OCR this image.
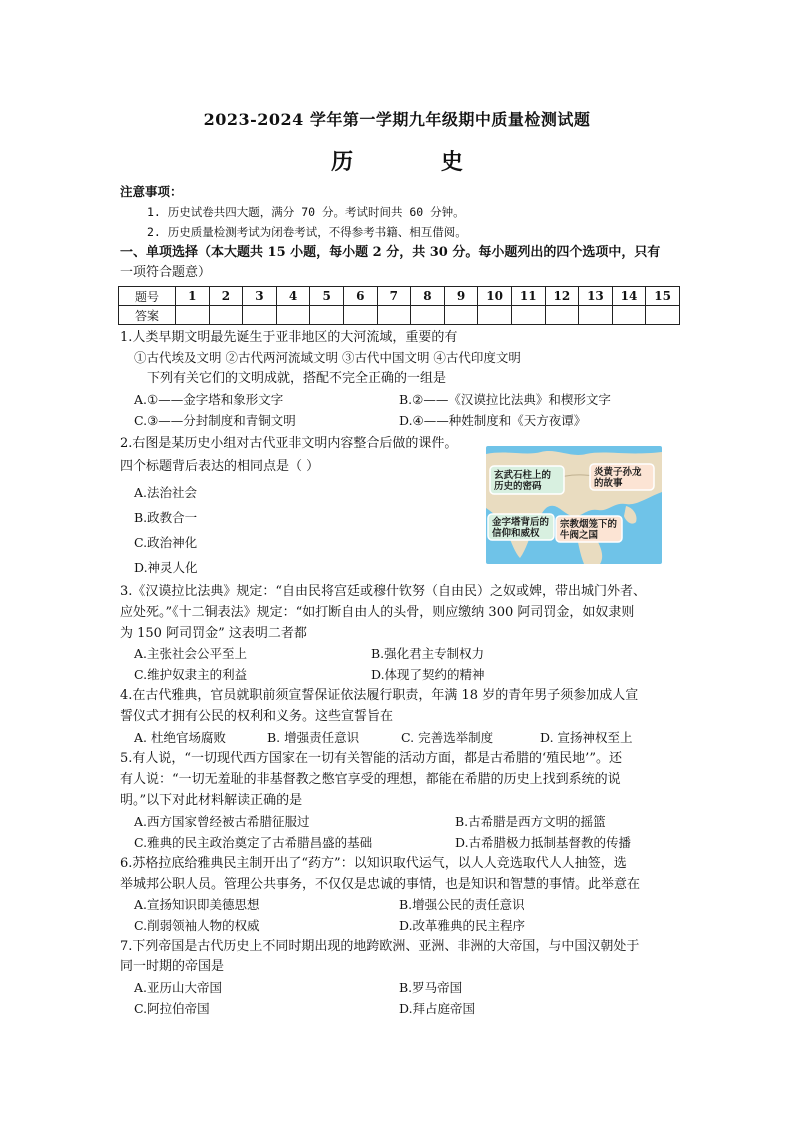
2023-2024 学年第一学期九年级期中质量检测试题
历 史
注意事项：
1. 历史试卷共四大题，满分 70 分。考试时间共 60 分钟。
2. 历史质量检测考试为闭卷考试，不得参考书籍、相互借阅。
一、单项选择（本大题共 15 小题，每小题 2 分，共 30 分。每小题列出的四个选项中，只有
一项符合题意）
题号	1	2	3	4	5	6	7	8	9	10	11	12	13	14	15
答案															
1.人类早期文明最先诞生于亚非地区的大河流域，重要的有
①古代埃及文明 ②古代两河流域文明 ③古代中国文明 ④古代印度文明
下列有关它们的文明成就，搭配不完全正确的一组是
A.①——金字塔和象形文字	B.②——《汉谟拉比法典》和楔形文字
C.③——分封制度和青铜文明	D.④——种姓制度和《天方夜谭》
2.右图是某历史小组对古代亚非文明内容整合后做的课件。
四个标题背后表达的相同点是（ ）
A.法治社会
B.政教合一
C.政治神化
D.神灵人化
玄武石柱上的
历史的密码
炎黄子孙龙
的故事
金字塔背后的
信仰和威权
宗教烟笼下的
牛阀之国
3.《汉谟拉比法典》规定：“自由民将宫廷或穆什钦努（自由民）之奴或婢，带出城门外者、
应处死。”《十二铜表法》规定：“如打断自由人的头骨，则应缴纳 300 阿司罚金，如奴隶则
为 150 阿司罚金” 这表明二者都
A.主张社会公平至上	B.强化君主专制权力
C.维护奴隶主的利益	D.体现了契约的精神
4.在古代雅典，官员就职前须宣誓保证依法履行职责，年满 18 岁的青年男子须参加成人宣
誓仪式才拥有公民的权利和义务。这些宣誓旨在
A. 杜绝官场腐败	B. 增强责任意识	C. 完善选举制度	D. 宣扬神权至上
5.有人说，“一切现代西方国家在一切有关智能的活动方面，都是古希腊的‘殖民地’”。还
有人说：“一切无羞耻的非基督教之憋官享受的理想，都能在希腊的历史上找到系统的说
明。”以下对此材料解读正确的是
A.西方国家曾经被古希腊征服过	B.古希腊是西方文明的摇篮
C.雅典的民主政治奠定了古希腊昌盛的基础	D.古希腊极力抵制基督教的传播
6.苏格拉底给雅典民主制开出了“药方”：以知识取代运气，以人人竞选取代人人抽签，选
举城邦公职人员。管理公共事务，不仅仅是忠诚的事情，也是知识和智慧的事情。此举意在
A.宣扬知识即美德思想	B.增强公民的责任意识
C.削弱领袖人物的权威	D.改革雅典的民主程序
7.下列帝国是古代历史上不同时期出现的地跨欧洲、亚洲、非洲的大帝国，与中国汉朝处于
同一时期的帝国是
A.亚历山大帝国	B.罗马帝国
C.阿拉伯帝国	D.拜占庭帝国
